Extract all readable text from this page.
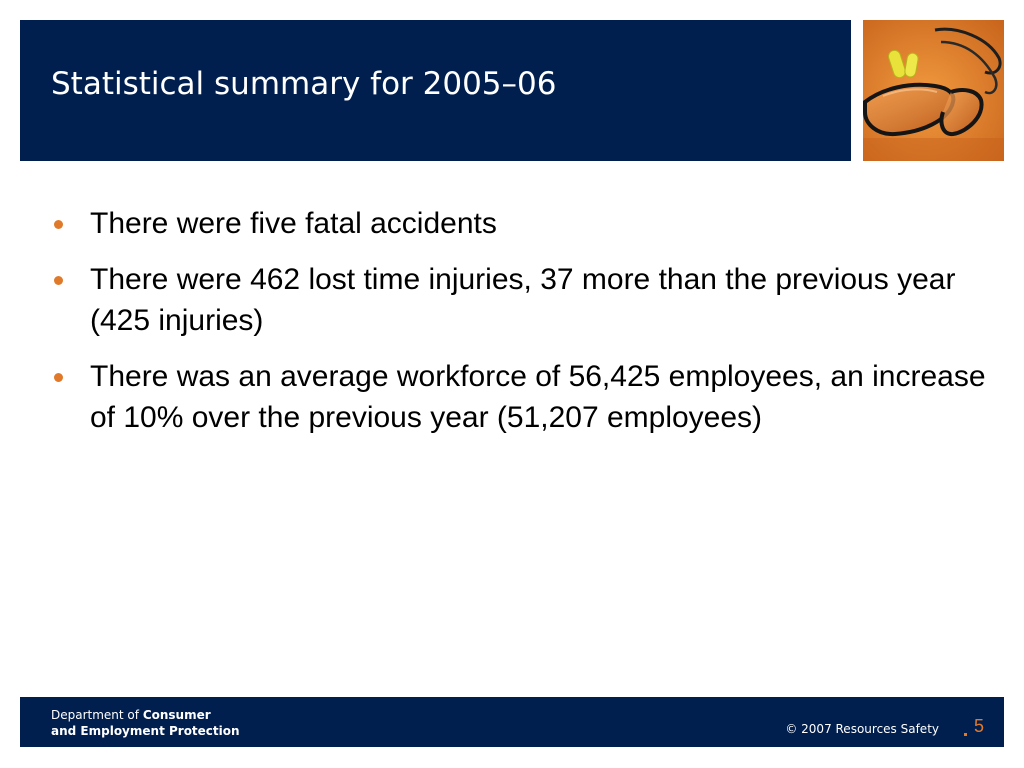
Statistical summary for 2005–06
There were five fatal accidents
There were 462 lost time injuries, 37 more than the previous year (425 injuries)
There was an average workforce of 56,425 employees, an increase of 10% over the previous year (51,207 employees)
Department of Consumer
and Employment Protection	© 2007 Resources Safety 5
